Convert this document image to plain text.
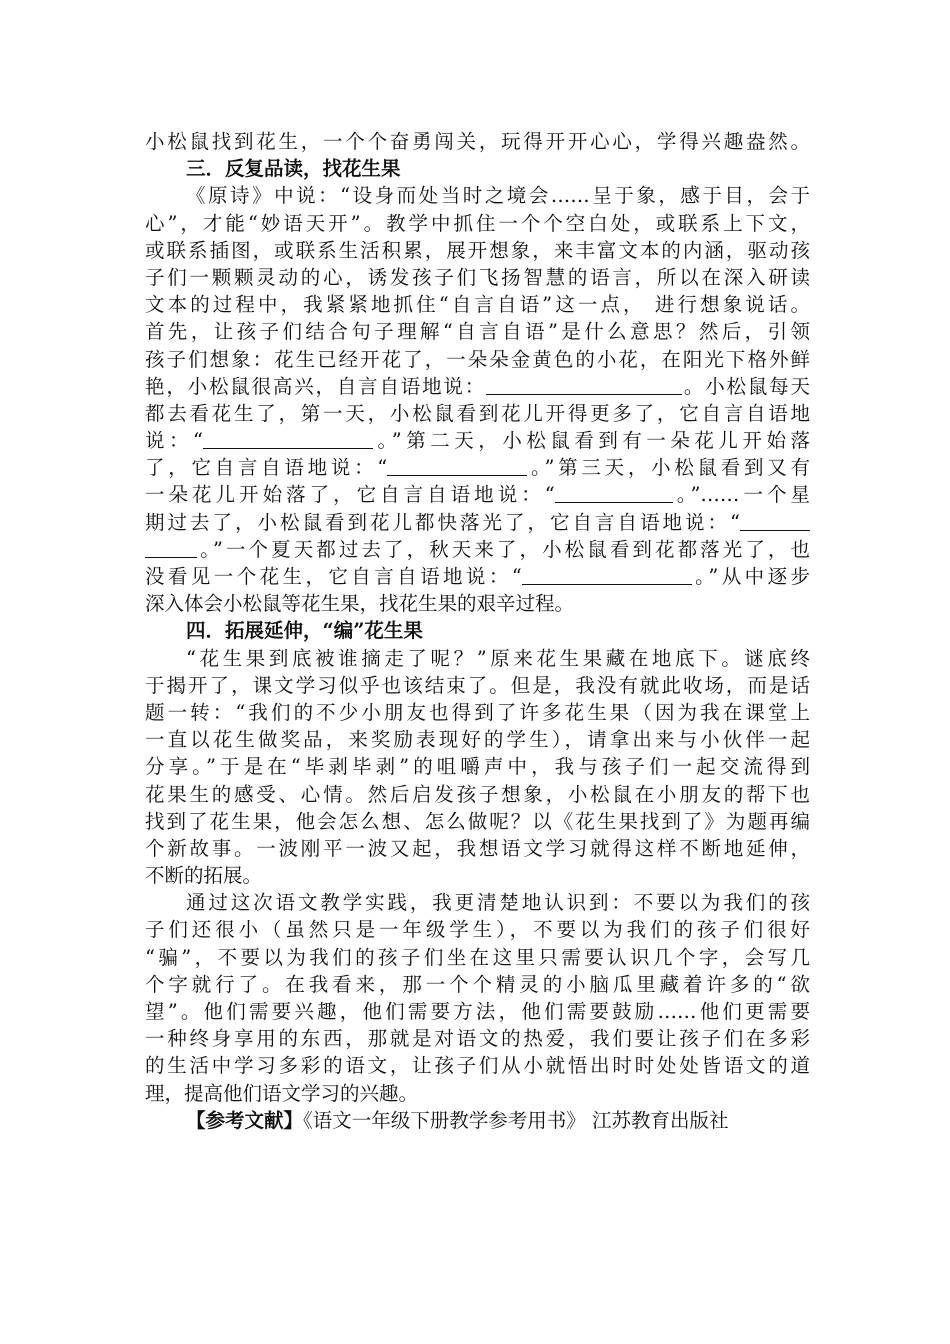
小松鼠找到花生，一个个奋勇闯关，玩得开开心心，学得兴趣盎然。
三．反复品读，找花生果
《原诗》中说：“设身而处当时之境会……呈于象，感于目，会于
心”，才能“妙语天开”。教学中抓住一个个空白处，或联系上下文，
或联系插图，或联系生活积累，展开想象，来丰富文本的内涵，驱动孩
子们一颗颗灵动的心，诱发孩子们飞扬智慧的语言，所以在深入研读
文本的过程中，我紧紧地抓住“自言自语”这一点， 进行想象说话。
首先，让孩子们结合句子理解“自言自语”是什么意思？然后，引领
孩子们想象：花生已经开花了，一朵朵金黄色的小花，在阳光下格外鲜
艳，小松鼠很高兴，自言自语地说：	。小松鼠每天
都去看花生了，第一天，小松鼠看到花儿开得更多了，它自言自语地
说：“	。”第二天，小松鼠看到有一朵花儿开始落
了，它自言自语地说：“	。”第三天，小松鼠看到又有
一朵花儿开始落了，它自言自语地说：“	。”……一个星
期过去了，小松鼠看到花儿都快落光了，它自言自语地说：“
。”一个夏天都过去了，秋天来了，小松鼠看到花都落光了，也
没看见一个花生，它自言自语地说：“	。”从中逐步
深入体会小松鼠等花生果，找花生果的艰辛过程。
四．拓展延伸，“编”花生果
“花生果到底被谁摘走了呢？”原来花生果藏在地底下。谜底终
于揭开了，课文学习似乎也该结束了。但是，我没有就此收场，而是话
题一转：“我们的不少小朋友也得到了许多花生果（因为我在课堂上
一直以花生做奖品，来奖励表现好的学生），请拿出来与小伙伴一起
分享。”于是在“毕剥毕剥”的咀嚼声中，我与孩子们一起交流得到
花果生的感受、心情。然后启发孩子想象，小松鼠在小朋友的帮下也
找到了花生果，他会怎么想、怎么做呢？以《花生果找到了》为题再编
个新故事。一波刚平一波又起，我想语文学习就得这样不断地延伸，
不断的拓展。
通过这次语文教学实践，我更清楚地认识到：不要以为我们的孩
子们还很小（虽然只是一年级学生），不要以为我们的孩子们很好
“骗”，不要以为我们的孩子们坐在这里只需要认识几个字，会写几
个字就行了。在我看来，那一个个精灵的小脑瓜里藏着许多的“欲
望”。他们需要兴趣，他们需要方法，他们需要鼓励……他们更需要
一种终身享用的东西，那就是对语文的热爱，我们要让孩子们在多彩
的生活中学习多彩的语文，让孩子们从小就悟出时时处处皆语文的道
理，提高他们语文学习的兴趣。
【参考文献】《语文一年级下册教学参考用书》 江苏教育出版社
